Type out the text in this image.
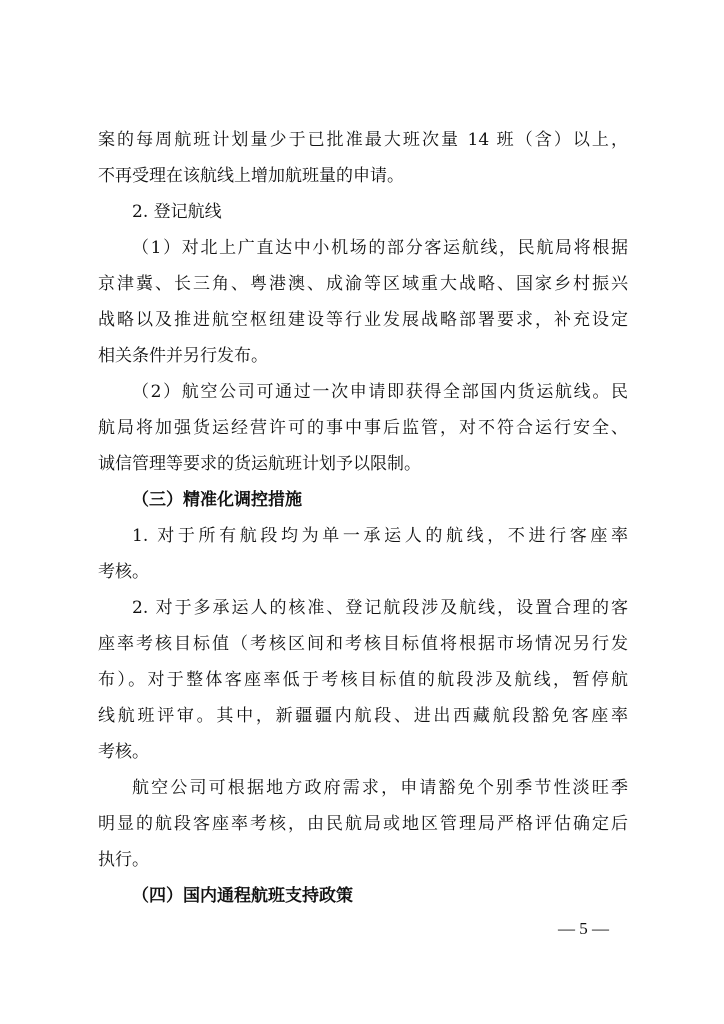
案的每周航班计划量少于已批准最大班次量 14 班（含）以上，
不再受理在该航线上增加航班量的申请。
2. 登记航线
（1）对北上广直达中小机场的部分客运航线，民航局将根据
京津冀、长三角、粤港澳、成渝等区域重大战略、国家乡村振兴
战略以及推进航空枢纽建设等行业发展战略部署要求，补充设定
相关条件并另行发布。
（2）航空公司可通过一次申请即获得全部国内货运航线。民
航局将加强货运经营许可的事中事后监管，对不符合运行安全、
诚信管理等要求的货运航班计划予以限制。
（三）精准化调控措施
1. 对于所有航段均为单一承运人的航线，不进行客座率
考核。
2. 对于多承运人的核准、登记航段涉及航线，设置合理的客
座率考核目标值（考核区间和考核目标值将根据市场情况另行发
布）。对于整体客座率低于考核目标值的航段涉及航线，暂停航
线航班评审。其中，新疆疆内航段、进出西藏航段豁免客座率
考核。
航空公司可根据地方政府需求，申请豁免个别季节性淡旺季
明显的航段客座率考核，由民航局或地区管理局严格评估确定后
执行。
（四）国内通程航班支持政策
— 5 —
